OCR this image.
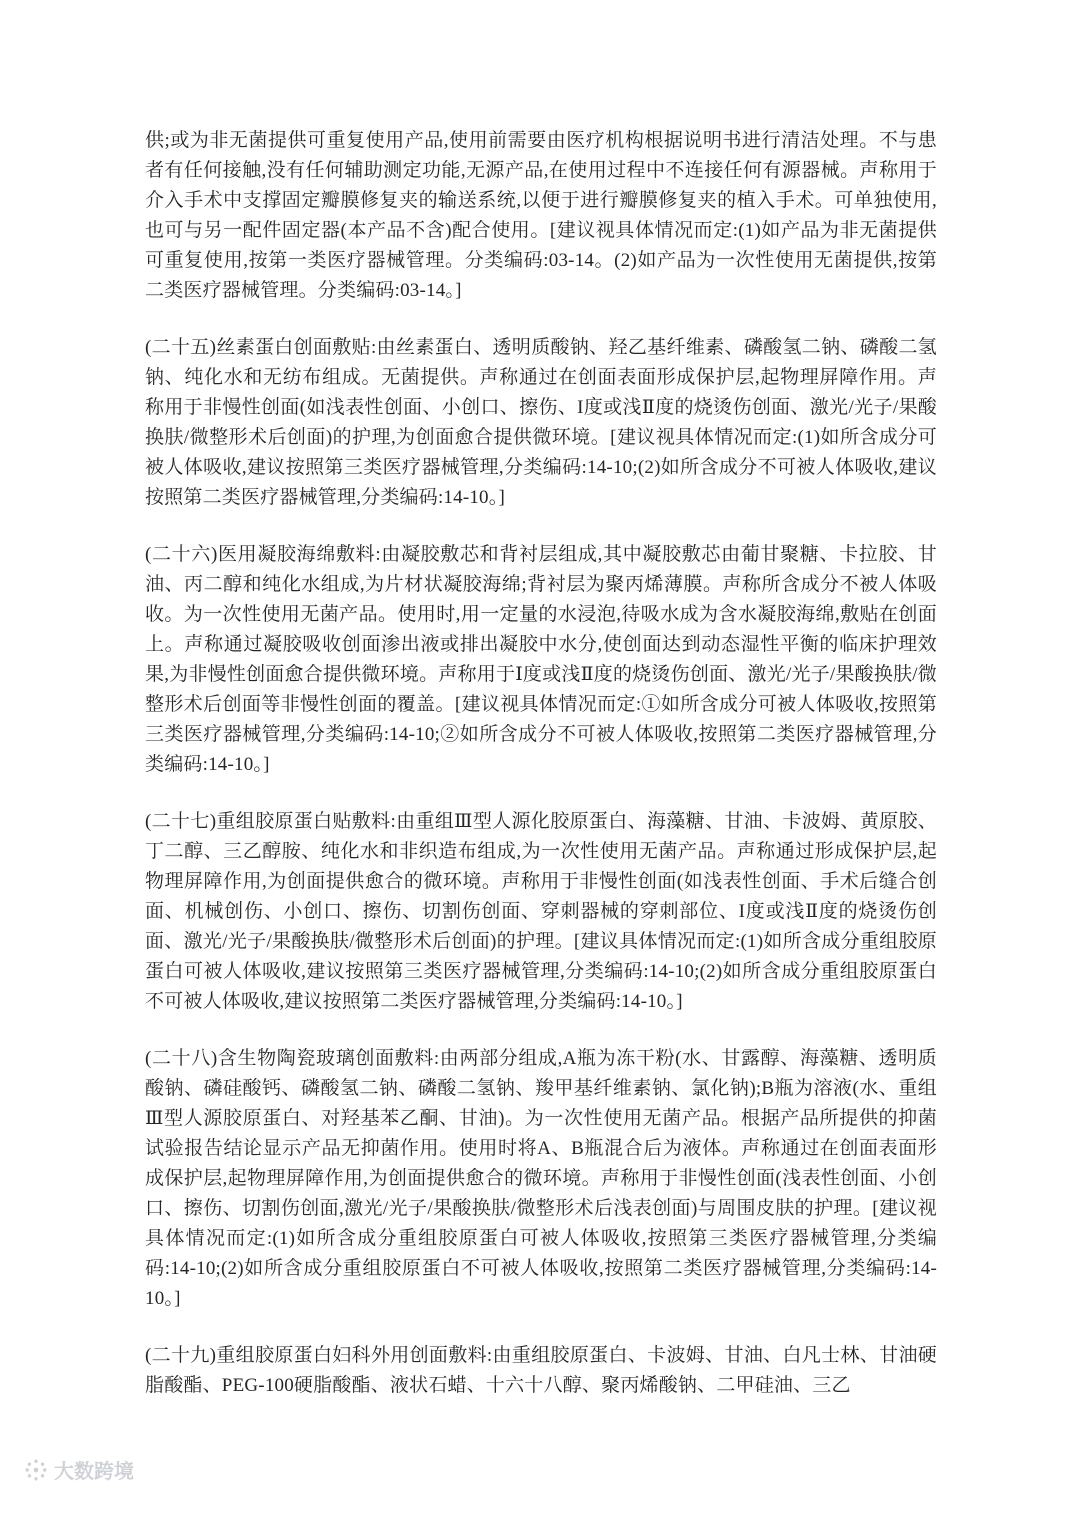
供;或为非无菌提供可重复使用产品,使用前需要由医疗机构根据说明书进行清洁处理。不与患者有任何接触,没有任何辅助测定功能,无源产品,在使用过程中不连接任何有源器械。声称用于介入手术中支撑固定瓣膜修复夹的输送系统,以便于进行瓣膜修复夹的植入手术。可单独使用,也可与另一配件固定器(本产品不含)配合使用。[建议视具体情况而定:(1)如产品为非无菌提供可重复使用,按第一类医疗器械管理。分类编码:03-14。(2)如产品为一次性使用无菌提供,按第二类医疗器械管理。分类编码:03-14。]

(二十五)丝素蛋白创面敷贴:由丝素蛋白、透明质酸钠、羟乙基纤维素、磷酸氢二钠、磷酸二氢钠、纯化水和无纺布组成。无菌提供。声称通过在创面表面形成保护层,起物理屏障作用。声称用于非慢性创面(如浅表性创面、小创口、擦伤、I度或浅Ⅱ度的烧烫伤创面、激光/光子/果酸换肤/微整形术后创面)的护理,为创面愈合提供微环境。[建议视具体情况而定:(1)如所含成分可被人体吸收,建议按照第三类医疗器械管理,分类编码:14-10;(2)如所含成分不可被人体吸收,建议按照第二类医疗器械管理,分类编码:14-10。]

(二十六)医用凝胶海绵敷料:由凝胶敷芯和背衬层组成,其中凝胶敷芯由葡甘聚糖、卡拉胶、甘油、丙二醇和纯化水组成,为片材状凝胶海绵;背衬层为聚丙烯薄膜。声称所含成分不被人体吸收。为一次性使用无菌产品。使用时,用一定量的水浸泡,待吸水成为含水凝胶海绵,敷贴在创面上。声称通过凝胶吸收创面渗出液或排出凝胶中水分,使创面达到动态湿性平衡的临床护理效果,为非慢性创面愈合提供微环境。声称用于Ⅰ度或浅Ⅱ度的烧烫伤创面、激光/光子/果酸换肤/微整形术后创面等非慢性创面的覆盖。[建议视具体情况而定:①如所含成分可被人体吸收,按照第三类医疗器械管理,分类编码:14-10;②如所含成分不可被人体吸收,按照第二类医疗器械管理,分类编码:14-10。]

(二十七)重组胶原蛋白贴敷料:由重组Ⅲ型人源化胶原蛋白、海藻糖、甘油、卡波姆、黄原胶、丁二醇、三乙醇胺、纯化水和非织造布组成,为一次性使用无菌产品。声称通过形成保护层,起物理屏障作用,为创面提供愈合的微环境。声称用于非慢性创面(如浅表性创面、手术后缝合创面、机械创伤、小创口、擦伤、切割伤创面、穿刺器械的穿刺部位、I度或浅Ⅱ度的烧烫伤创面、激光/光子/果酸换肤/微整形术后创面)的护理。[建议具体情况而定:(1)如所含成分重组胶原蛋白可被人体吸收,建议按照第三类医疗器械管理,分类编码:14-10;(2)如所含成分重组胶原蛋白不可被人体吸收,建议按照第二类医疗器械管理,分类编码:14-10。]

(二十八)含生物陶瓷玻璃创面敷料:由两部分组成,A瓶为冻干粉(水、甘露醇、海藻糖、透明质酸钠、磷硅酸钙、磷酸氢二钠、磷酸二氢钠、羧甲基纤维素钠、氯化钠);B瓶为溶液(水、重组Ⅲ型人源胶原蛋白、对羟基苯乙酮、甘油)。为一次性使用无菌产品。根据产品所提供的抑菌试验报告结论显示产品无抑菌作用。使用时将A、B瓶混合后为液体。声称通过在创面表面形成保护层,起物理屏障作用,为创面提供愈合的微环境。声称用于非慢性创面(浅表性创面、小创口、擦伤、切割伤创面,激光/光子/果酸换肤/微整形术后浅表创面)与周围皮肤的护理。[建议视具体情况而定:(1)如所含成分重组胶原蛋白可被人体吸收,按照第三类医疗器械管理,分类编码:14-10;(2)如所含成分重组胶原蛋白不可被人体吸收,按照第二类医疗器械管理,分类编码:14-10。]

(二十九)重组胶原蛋白妇科外用创面敷料:由重组胶原蛋白、卡波姆、甘油、白凡士林、甘油硬脂酸酯、PEG-100硬脂酸酯、液状石蜡、十六十八醇、聚丙烯酸钠、二甲硅油、三乙

大数跨境
